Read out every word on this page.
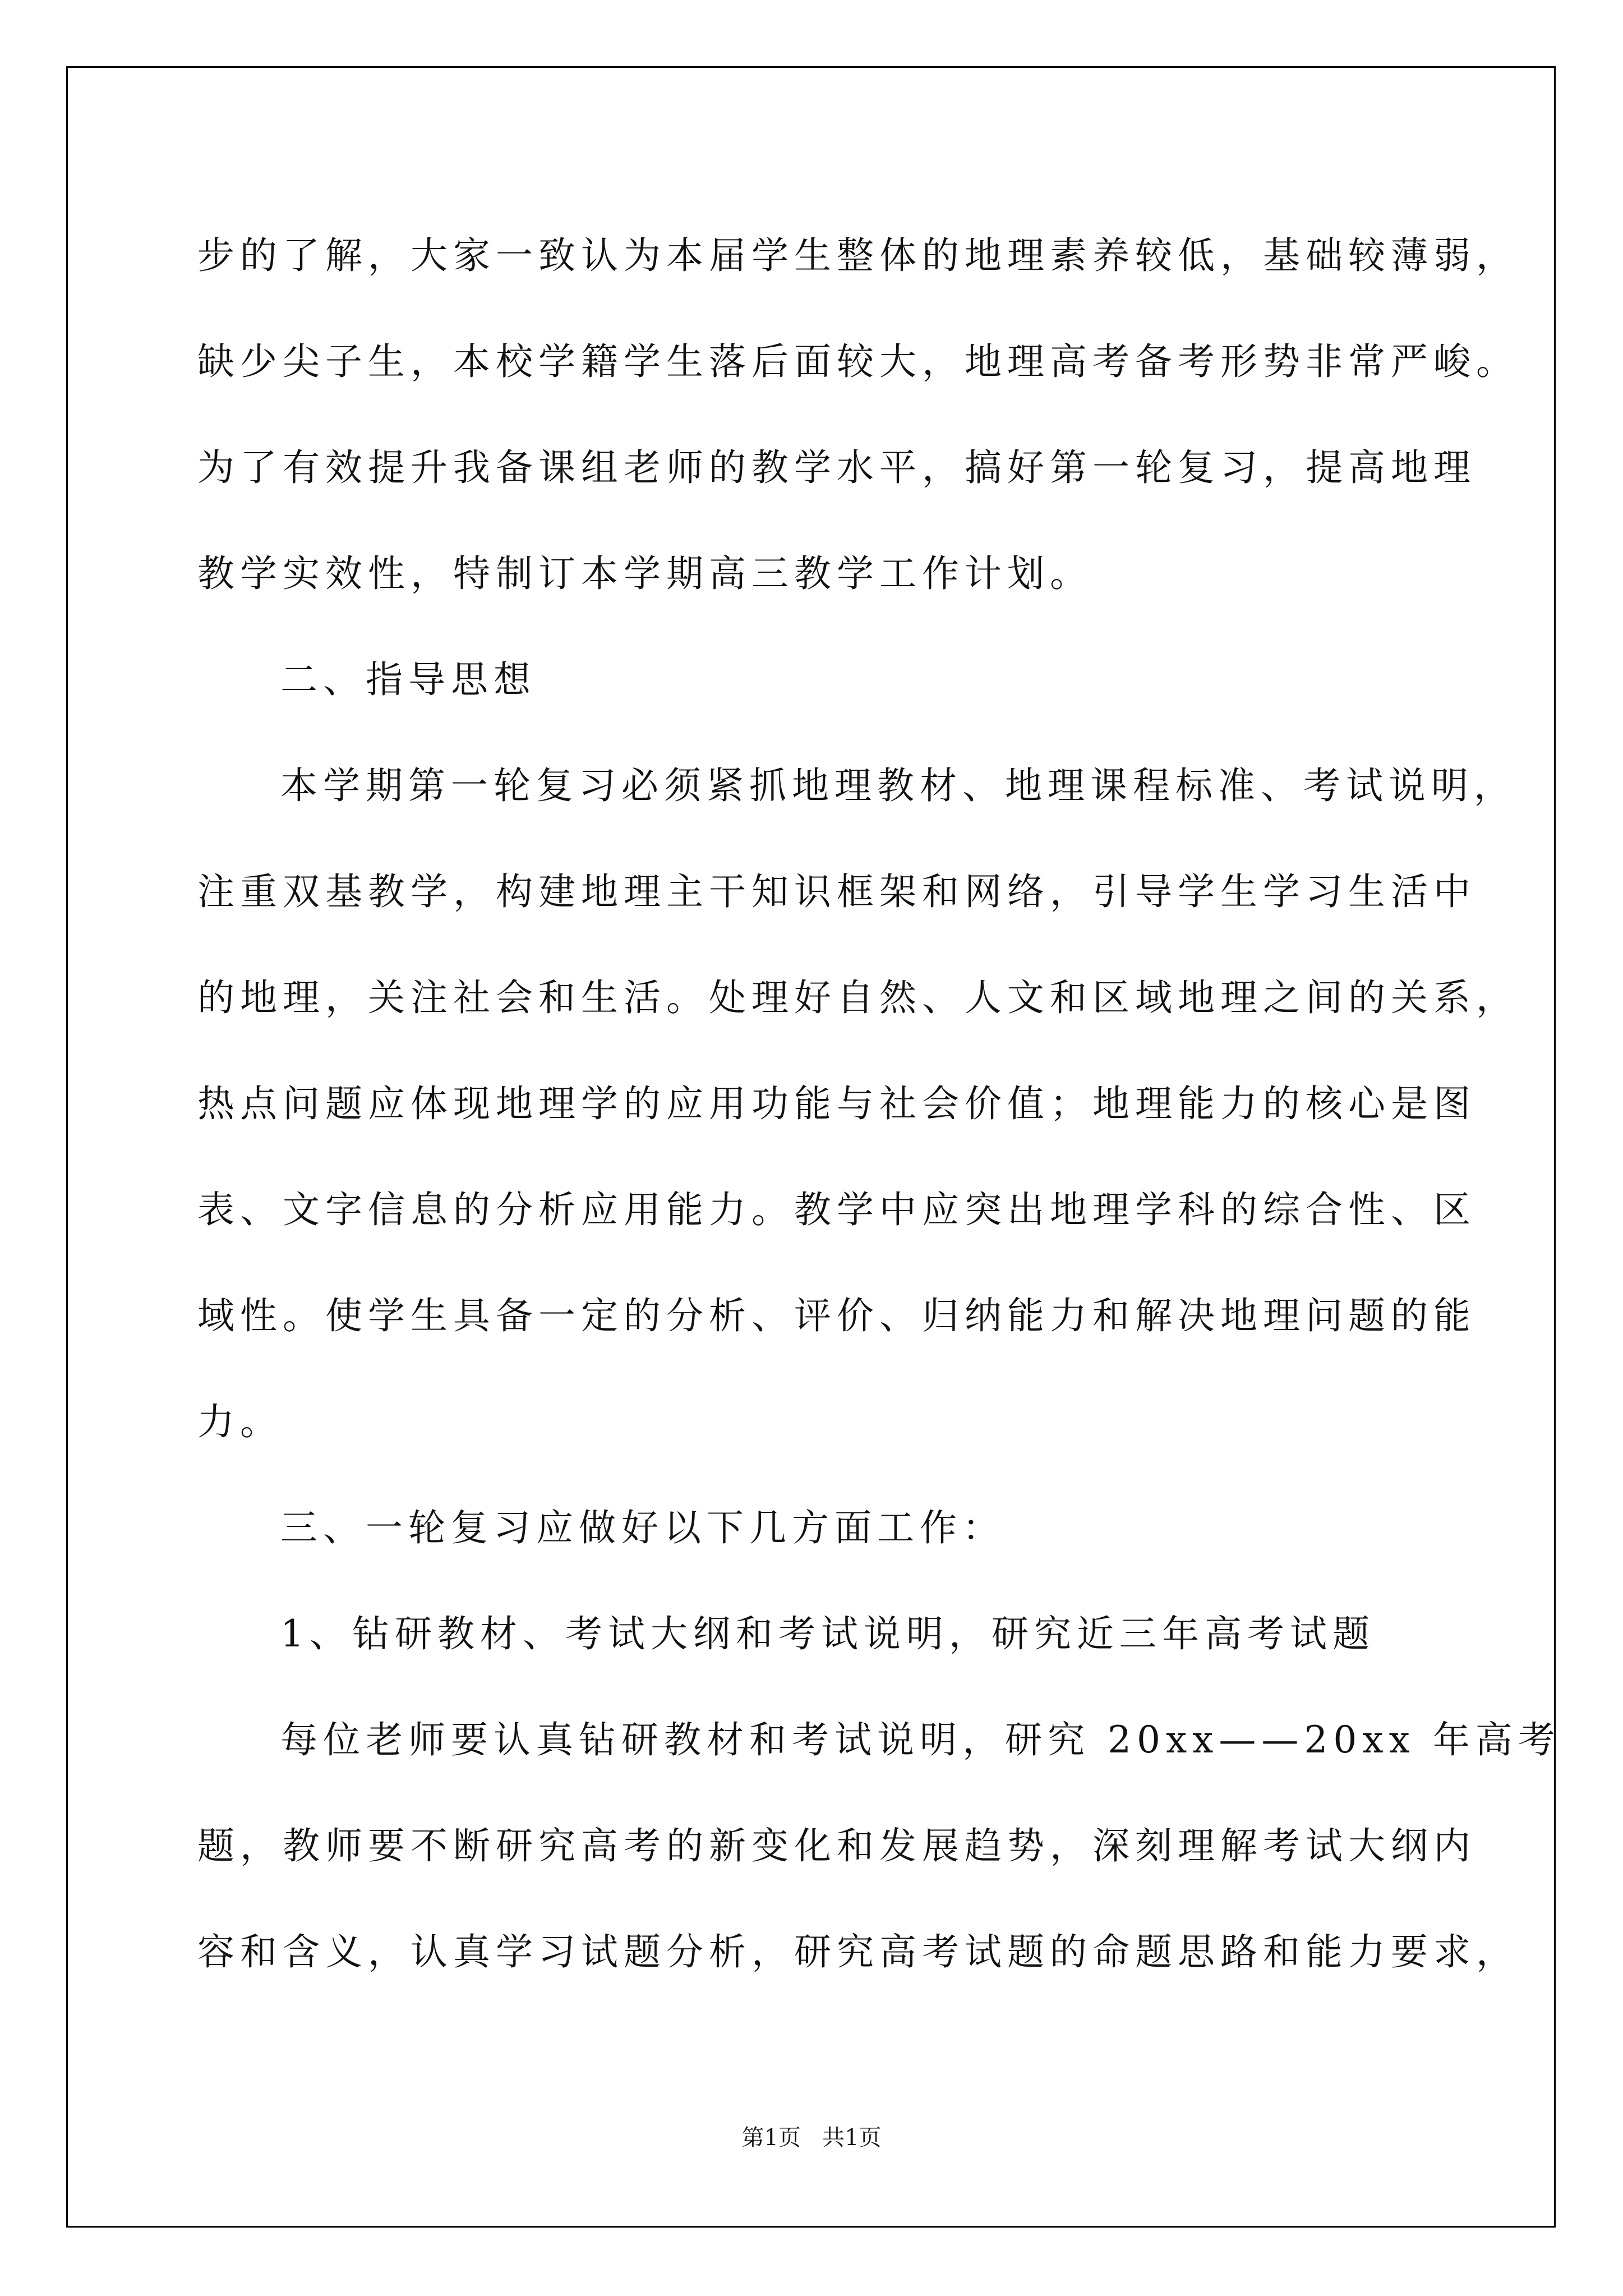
步的了解，大家一致认为本届学生整体的地理素养较低，基础较薄弱，
缺少尖子生，本校学籍学生落后面较大，地理高考备考形势非常严峻。
为了有效提升我备课组老师的教学水平，搞好第一轮复习，提高地理
教学实效性，特制订本学期高三教学工作计划。
二、指导思想
本学期第一轮复习必须紧抓地理教材、地理课程标准、考试说明，
注重双基教学，构建地理主干知识框架和网络，引导学生学习生活中
的地理，关注社会和生活。处理好自然、人文和区域地理之间的关系，
热点问题应体现地理学的应用功能与社会价值；地理能力的核心是图
表、文字信息的分析应用能力。教学中应突出地理学科的综合性、区
域性。使学生具备一定的分析、评价、归纳能力和解决地理问题的能
力。
三、一轮复习应做好以下几方面工作：
1、钻研教材、考试大纲和考试说明，研究近三年高考试题
每位老师要认真钻研教材和考试说明，研究 20xx——20xx 年高考
题，教师要不断研究高考的新变化和发展趋势，深刻理解考试大纲内
容和含义，认真学习试题分析，研究高考试题的命题思路和能力要求，
第1页   共1页
